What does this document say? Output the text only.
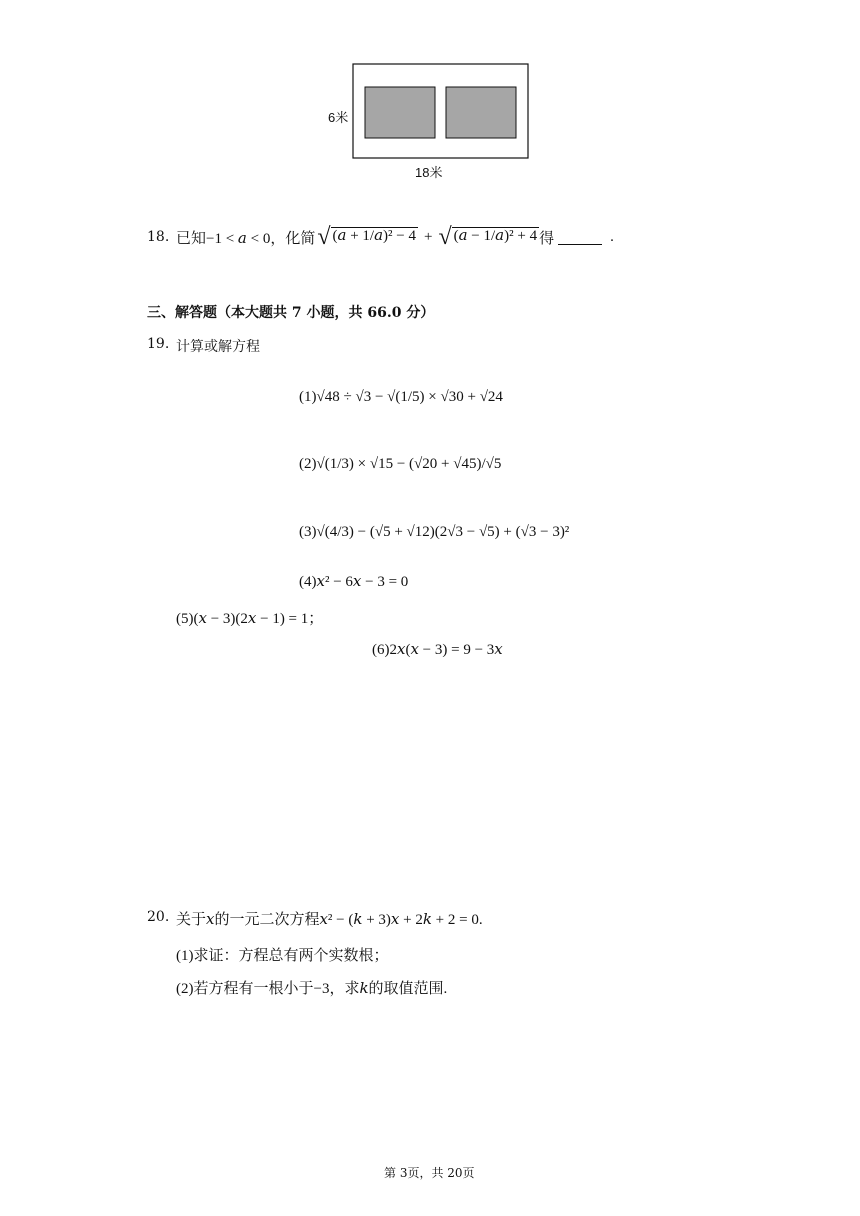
6米
18米
18. 已知−1 < 𝑎 < 0，化简 √ (𝑎 + 1/𝑎)² − 4 + √ (𝑎 − 1/𝑎)² + 4 得	.
三、解答题（本大题共 7 小题，共 66.0 分）
19. 计算或解方程
(1)√48 ÷ √3 − √(1/5) × √30 + √24
(2)√(1/3) × √15 − (√20 + √45)/√5
(3)√(4/3) − (√5 + √12)(2√3 − √5) + (√3 − 3)²
(4)𝑥² − 6𝑥 − 3 = 0
(5)(𝑥 − 3)(2𝑥 − 1) = 1；
(6)2𝑥(𝑥 − 3) = 9 − 3𝑥
20. 关于𝑥的一元二次方程𝑥² − (𝑘 + 3)𝑥 + 2𝑘 + 2 = 0.
(1)求证：方程总有两个实数根；
(2)若方程有一根小于−3，求𝑘的取值范围.
第 3页，共 20页
